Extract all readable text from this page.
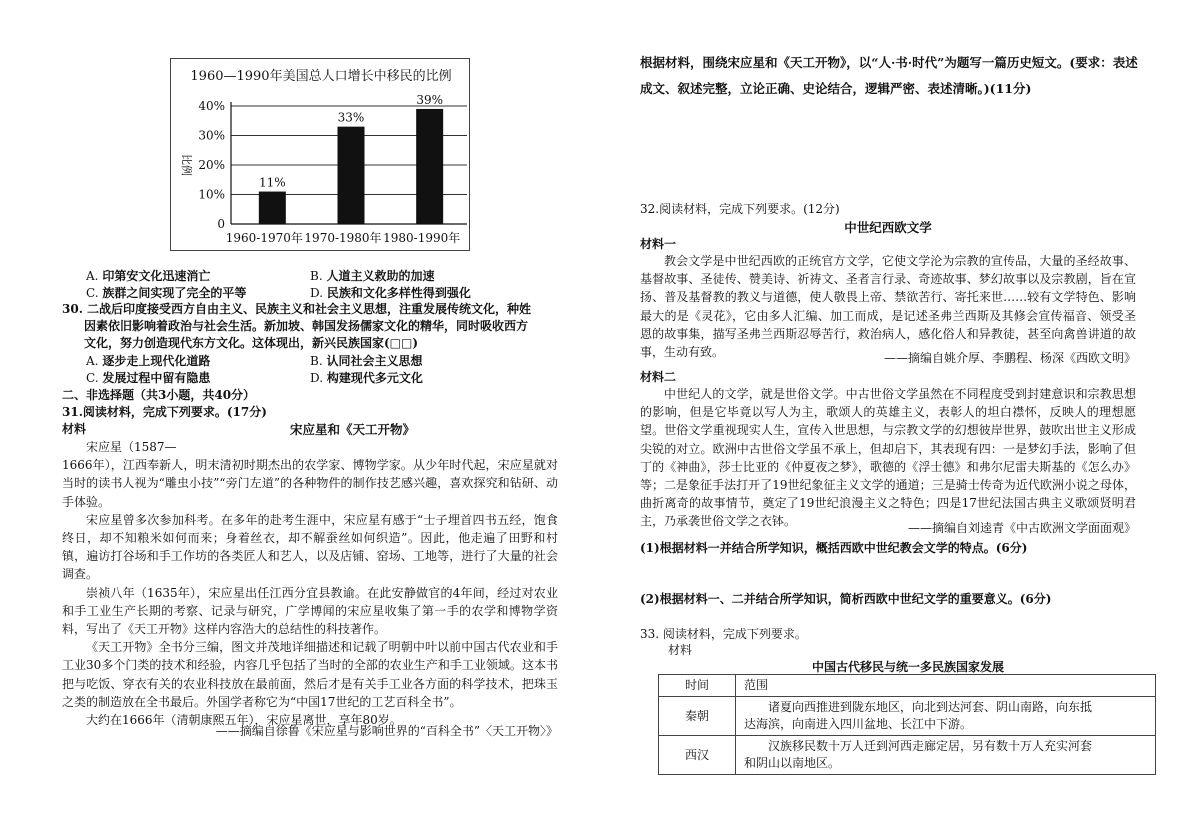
1960—1990年美国总人口增长中移民的比例
0
10%
20%
30%
40%
比例
11%
1960-1970年
33%
1970-1980年
39%
1980-1990年
A. 印第安文化迅速消亡	B. 人道主义救助的加速
C. 族群之间实现了完全的平等	D. 民族和文化多样性得到强化
30. 二战后印度接受西方自由主义、民族主义和社会主义思想，注重发展传统文化，种姓
因素依旧影响着政治与社会生活。新加坡、韩国发扬儒家文化的精华，同时吸收西方
文化，努力创造现代东方文化。这体现出，新兴民族国家(□□)
A. 逐步走上现代化道路	B. 认同社会主义思想
C. 发展过程中留有隐患	D. 构建现代多元文化
二、非选择题（共3小题，共40分）
31.阅读材料，完成下列要求。(17分)
材料	宋应星和《天工开物》

宋应星（1587—

1666年），江西奉新人，明末清初时期杰出的农学家、博物学家。从少年时代起，宋应星就对当时的读书人视为“雕虫小技”“旁门左道”的各种物件的制作技艺感兴趣，喜欢探究和钻研、动手体验。

宋应星曾多次参加科考。在多年的赴考生涯中，宋应星有感于“士子埋首四书五经，饱食终日，却不知粮米如何而来；身着丝衣，却不解蚕丝如何织造”。因此，他走遍了田野和村镇，遍访打谷场和手工作坊的各类匠人和艺人，以及店铺、窑场、工地等，进行了大量的社会调查。

崇祯八年（1635年），宋应星出任江西分宜县教谕。在此安静做官的4年间，经过对农业和手工业生产长期的考察、记录与研究，广学博闻的宋应星收集了第一手的农学和博物学资料，写出了《天工开物》这样内容浩大的总结性的科技著作。

《天工开物》全书分三编，图文并茂地详细描述和记载了明朝中叶以前中国古代农业和手工业30多个门类的技术和经验，内容几乎包括了当时的全部的农业生产和手工业领域。这本书把与吃饭、穿衣有关的农业科技放在最前面，然后才是有关手工业各方面的科学技术，把珠玉之类的制造放在全书最后。外国学者称它为“中国17世纪的工艺百科全书”。

大约在1666年（清朝康熙五年），宋应星离世，享年80岁。

——摘编自徐鲁《宋应星与影响世界的“百科全书”〈天工开物〉》
根据材料，围绕宋应星和《天工开物》，以“人·书·时代”为题写一篇历史短文。(要求：表述
成文、叙述完整，立论正确、史论结合，逻辑严密、表述清晰。)(11分)
32.阅读材料，完成下列要求。(12分)
中世纪西欧文学
材料一
教会文学是中世纪西欧的正统官方文学，它使文学沦为宗教的宣传品，大量的圣经故事、基督故事、圣徒传、赞美诗、祈祷文、圣者言行录、奇迹故事、梦幻故事以及宗教剧，旨在宣扬、普及基督教的教义与道德，使人敬畏上帝、禁欲苦行、寄托来世……较有文学特色、影响最大的是《灵花》，它由多人汇编、加工而成，是记述圣弗兰西斯及其修会宣传福音、领受圣恩的故事集，描写圣弗兰西斯忍辱苦行，救治病人，感化俗人和异教徒，甚至向禽兽讲道的故事，生动有致。	——摘编自姚介厚、李鹏程、杨深《西欧文明》
材料二
中世纪人的文学，就是世俗文学。中古世俗文学虽然在不同程度受到封建意识和宗教思想的影响，但是它毕竟以写人为主，歌颂人的英雄主义，表彰人的坦白襟怀，反映人的理想愿望。世俗文学重视现实人生，宣传入世思想，与宗教文学的幻想彼岸世界，鼓吹出世主义形成尖锐的对立。欧洲中古世俗文学虽不承上，但却启下，其表现有四：一是梦幻手法，影响了但丁的《神曲》，莎士比亚的《仲夏夜之梦》，歌德的《浮士德》和弗尔尼雷夫斯基的《怎么办》等；二是象征手法打开了19世纪象征主义文学的通道；三是骑士传奇为近代欧洲小说之母体，曲折离奇的故事情节，奠定了19世纪浪漫主义之特色；四是17世纪法国古典主义歌颂贤明君主，乃承袭世俗文学之衣钵。	——摘编自刘逵青《中古欧洲文学面面观》
(1)根据材料一并结合所学知识，概括西欧中世纪教会文学的特点。(6分)
(2)根据材料一、二并结合所学知识，简析西欧中世纪文学的重要意义。(6分)
33. 阅读材料，完成下列要求。
材料
中国古代移民与统一多民族国家发展
时间	范围
秦朝	诸夏向西推进到陇东地区，向北到达河套、阴山南路，向东抵
达海滨，向南进入四川盆地、长江中下游。

西汉	汉族移民数十万人迁到河西走廊定居，另有数十万人充实河套
和阴山以南地区。
